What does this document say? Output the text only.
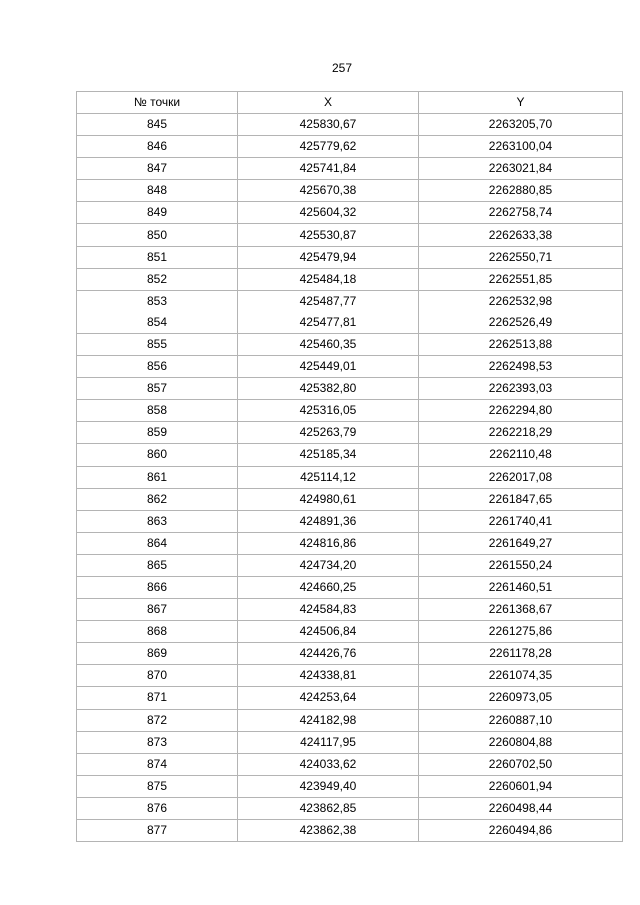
257
№ точки	X	Y
845	425830,67	2263205,70
846	425779,62	2263100,04
847	425741,84	2263021,84
848	425670,38	2262880,85
849	425604,32	2262758,74
850	425530,87	2262633,38
851	425479,94	2262550,71
852	425484,18	2262551,85
853	425487,77	2262532,98
854	425477,81	2262526,49
855	425460,35	2262513,88
856	425449,01	2262498,53
857	425382,80	2262393,03
858	425316,05	2262294,80
859	425263,79	2262218,29
860	425185,34	2262110,48
861	425114,12	2262017,08
862	424980,61	2261847,65
863	424891,36	2261740,41
864	424816,86	2261649,27
865	424734,20	2261550,24
866	424660,25	2261460,51
867	424584,83	2261368,67
868	424506,84	2261275,86
869	424426,76	2261178,28
870	424338,81	2261074,35
871	424253,64	2260973,05
872	424182,98	2260887,10
873	424117,95	2260804,88
874	424033,62	2260702,50
875	423949,40	2260601,94
876	423862,85	2260498,44
877	423862,38	2260494,86
